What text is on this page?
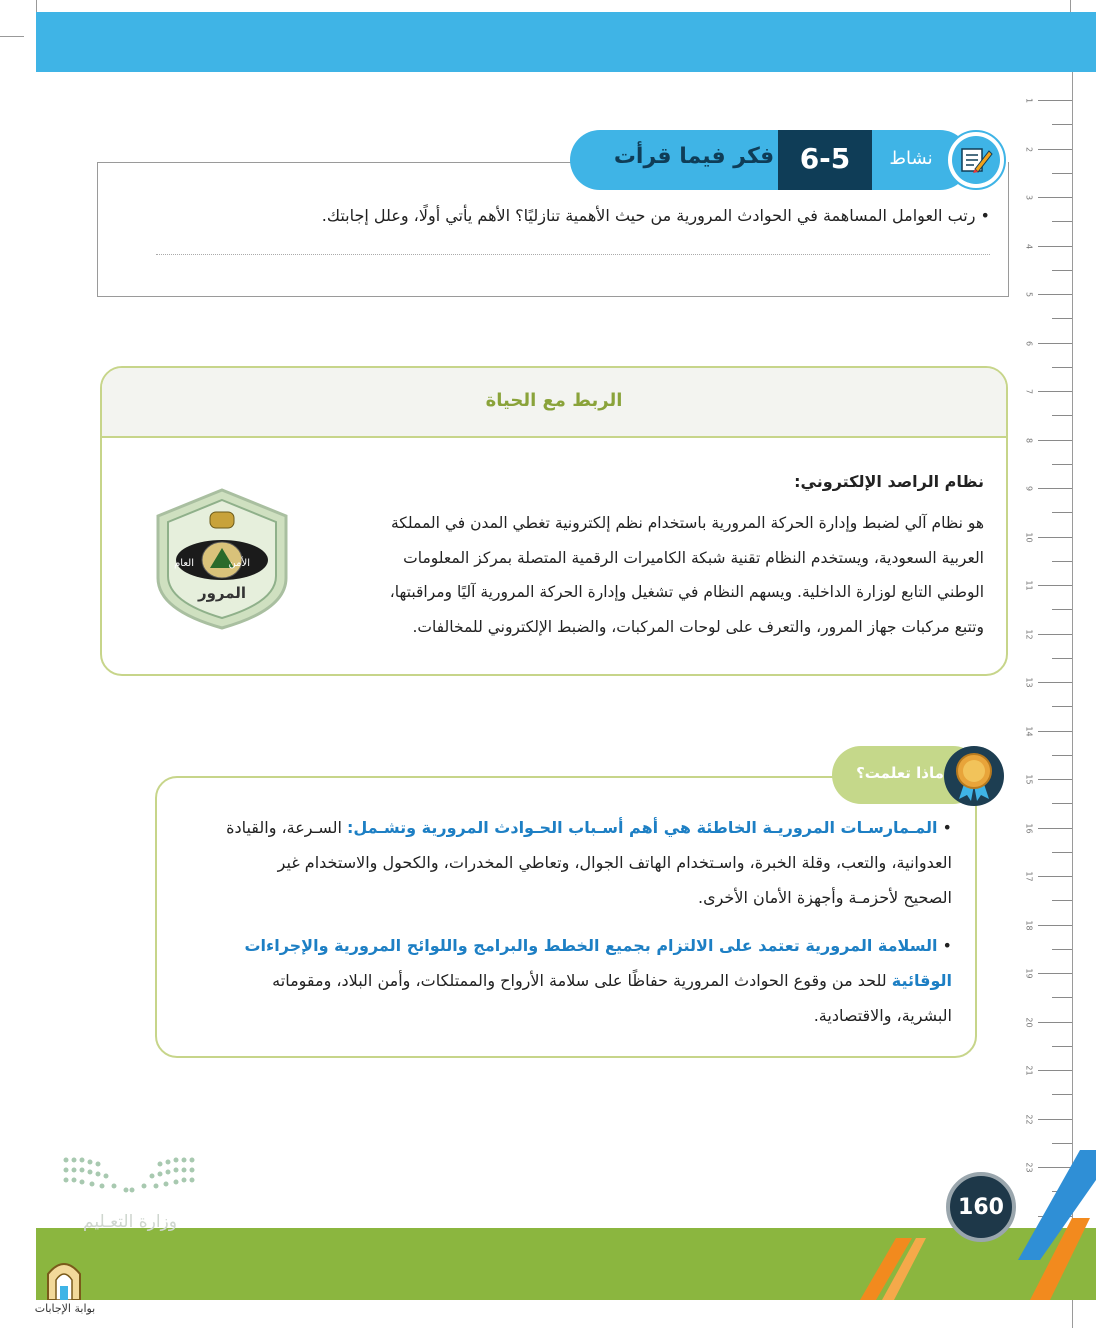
1
2
3
4
5
6
7
8
9
10
11
12
13
14
15
16
17
18
19
20
21
22
23
فكر فيما قرأت 6-5	نشاط
• رتب العوامل المساهمة في الحوادث المرورية من حيث الأهمية تنازليًا؟ الأهم يأتي أولًا، وعلل إجابتك.
الربط مع الحياة
نظام الراصد الإلكتروني:
هو نظام آلي لضبط وإدارة الحركة المرورية باستخدام نظم إلكترونية تغطي المدن في المملكة
العربية السعودية، ويستخدم النظام تقنية شبكة الكاميرات الرقمية المتصلة بمركز المعلومات
الوطني التابع لوزارة الداخلية. ويسهم النظام في تشغيل وإدارة الحركة المرورية آليًا ومراقبتها،
وتتبع مركبات جهاز المرور، والتعرف على لوحات المركبات، والضبط الإلكتروني للمخالفات.
العام	الأمن
المرور
ماذا تعلمت؟
• المـمارسـات المروريـة الخاطئة هي أهم أسـباب الحـوادث المرورية وتشـمل: السـرعة، والقيادة
العدوانية، والتعب، وقلة الخبرة، واسـتخدام الهاتف الجوال، وتعاطي المخدرات، والكحول والاستخدام غير
الصحيح لأحزمـة وأجهزة الأمان الأخرى.
• السلامة المرورية تعتمد على الالتزام بجميع الخطط والبرامج واللوائح المرورية والإجراءات
الوقائية للحد من وقوع الحوادث المرورية حفاظًا على سلامة الأرواح والممتلكات، وأمن البلاد، ومقوماته
البشرية، والاقتصادية.
160
وزارة التعـليم
بوابة الإجابات
